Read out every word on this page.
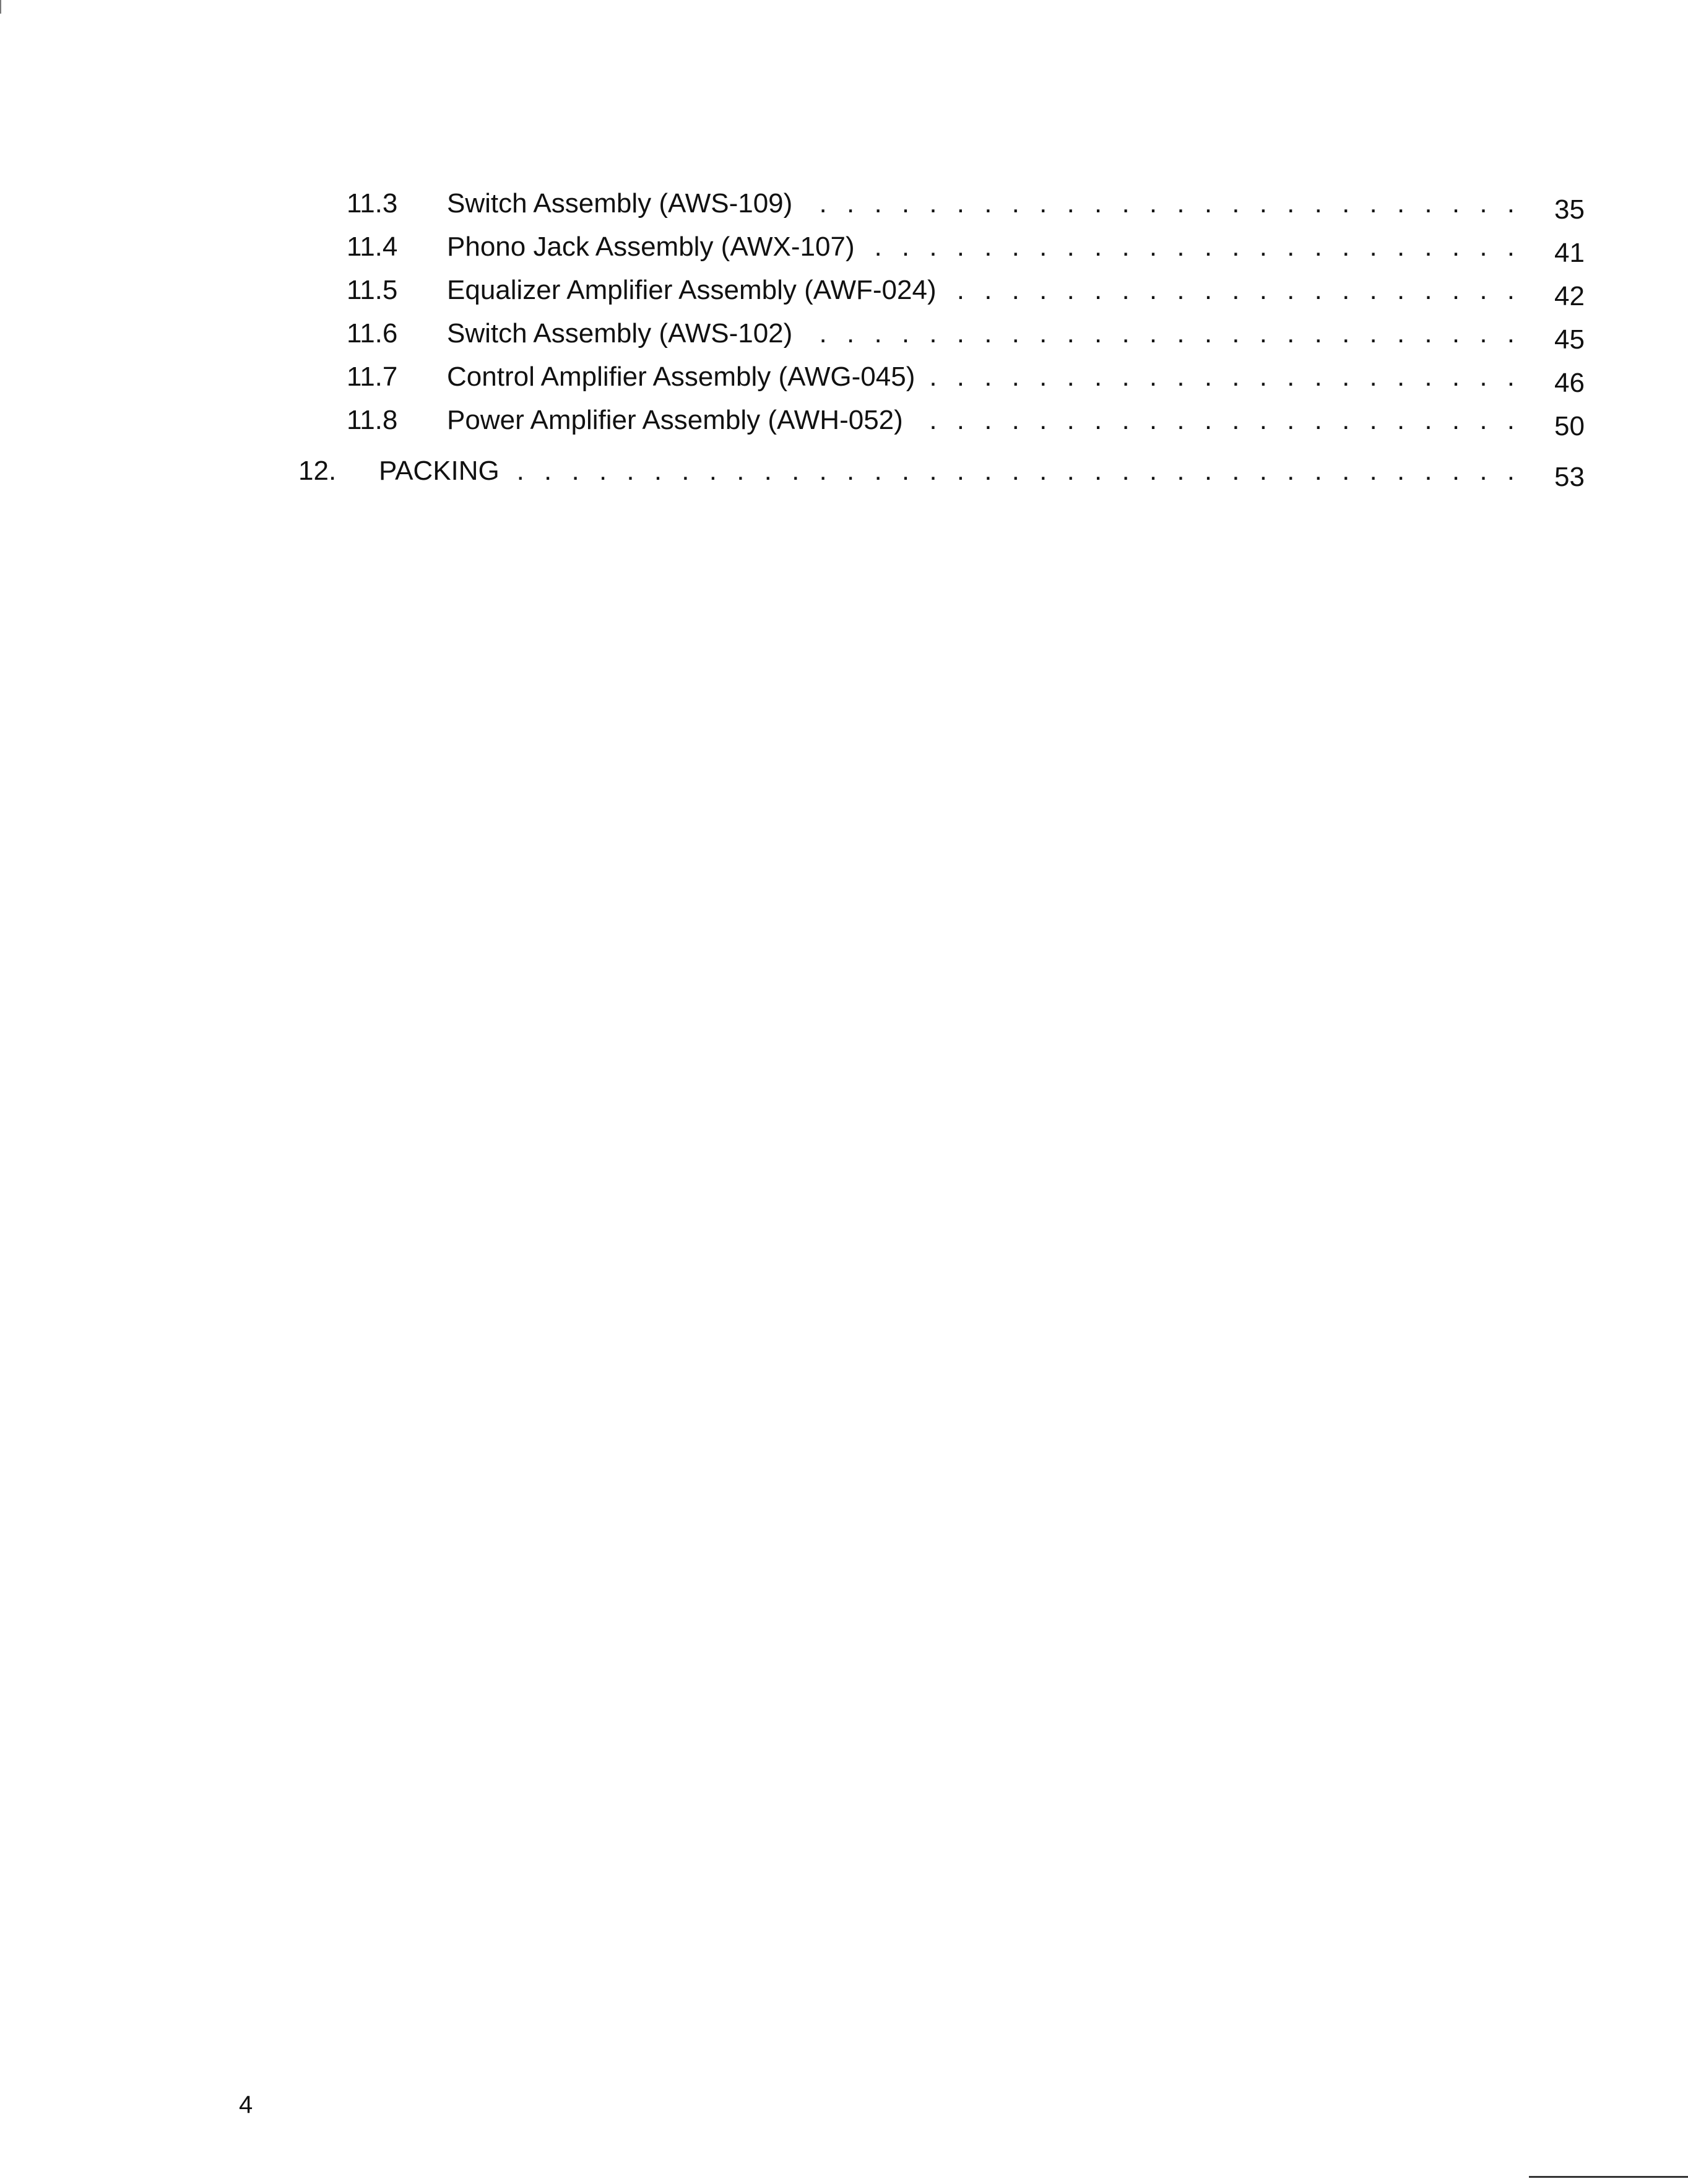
11.3 Switch Assembly (AWS-109) . . .	35
11.4 Phono Jack Assembly (AWX-107) . . .	41
11.5 Equalizer Amplifier Assembly (AWF-024) . . .	42
11.6 Switch Assembly (AWS-102) . . .	45
11.7 Control Amplifier Assembly (AWG-045) . . .	46
11.8 Power Amplifier Assembly (AWH-052) . . .	50
12. PACKING . . .	53
4
